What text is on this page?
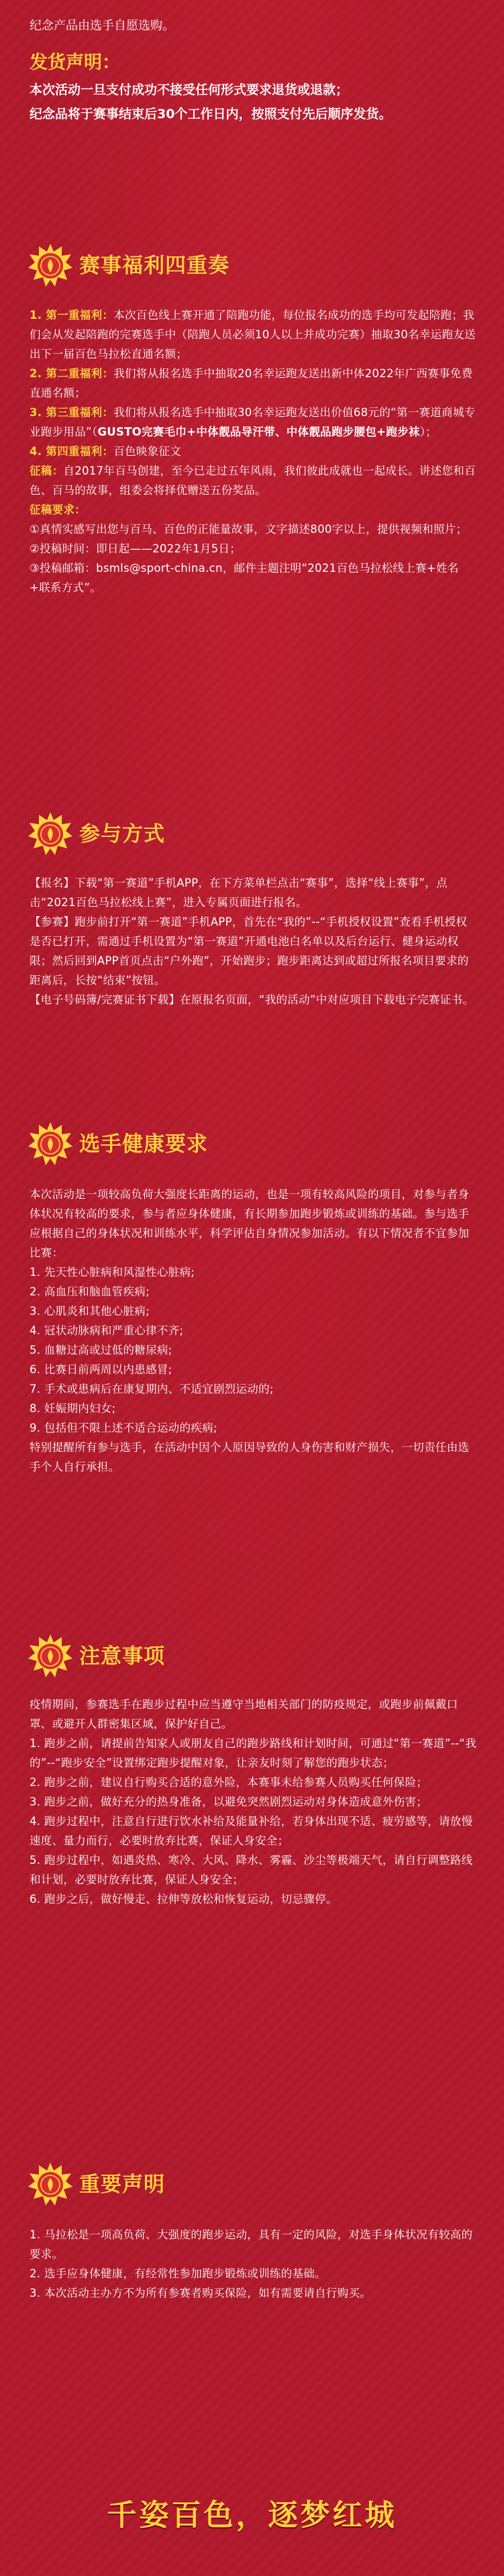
纪念产品由选手自愿选购。

发货声明：

本次活动一旦支付成功不接受任何形式要求退货或退款；

纪念品将于赛事结束后30个工作日内，按照支付先后顺序发货。

赛事福利四重奏

1. 第一重福利：本次百色线上赛开通了陪跑功能，每位报名成功的选手均可发起陪跑；我们会从发起陪跑的完赛选手中（陪跑人员必须10人以上并成功完赛）抽取30名幸运跑友送出下一届百色马拉松直通名额；

2. 第二重福利：我们将从报名选手中抽取20名幸运跑友送出新中体2022年广西赛事免费直通名额；

3. 第三重福利：我们将从报名选手中抽取30名幸运跑友送出价值68元的“第一赛道商城专业跑步用品”（GUSTO完赛毛巾+中体靓品导汗带、中体靓品跑步腰包+跑步袜）；

4. 第四重福利：百色映象征文

征稿：自2017年百马创建，至今已走过五年风雨，我们彼此成就也一起成长。讲述您和百色、百马的故事，组委会将择优赠送五份奖品。

征稿要求：

①真情实感写出您与百马、百色的正能量故事，文字描述800字以上，提供视频和照片；

②投稿时间：即日起——2022年1月5日；

③投稿邮箱：bsmls@sport-china.cn，邮件主题注明“2021百色马拉松线上赛+姓名+联系方式”。

参与方式

【报名】下载“第一赛道”手机APP，在下方菜单栏点击“赛事”，选择“线上赛事”，点击“2021百色马拉松线上赛”，进入专属页面进行报名。

【参赛】跑步前打开“第一赛道”手机APP，首先在“我的”--“手机授权设置”查看手机授权是否已打开，需通过手机设置为“第一赛道”开通电池白名单以及后台运行、健身运动权限；然后回到APP首页点击“户外跑”，开始跑步；跑步距离达到或超过所报名项目要求的距离后，长按“结束”按钮。

【电子号码簿/完赛证书下载】在原报名页面，“我的活动”中对应项目下载电子完赛证书。

选手健康要求

本次活动是一项较高负荷大强度长距离的运动，也是一项有较高风险的项目，对参与者身体状况有较高的要求，参与者应身体健康，有长期参加跑步锻炼或训练的基础。参与选手应根据自己的身体状况和训练水平，科学评估自身情况参加活动。有以下情况者不宜参加比赛：

1. 先天性心脏病和风湿性心脏病;

2. 高血压和脑血管疾病;

3. 心肌炎和其他心脏病;

4. 冠状动脉病和严重心律不齐;

5. 血糖过高或过低的糖尿病;

6. 比赛日前两周以内患感冒;

7. 手术或患病后在康复期内、不适宜剧烈运动的;

8. 妊娠期内妇女;

9. 包括但不限上述不适合运动的疾病;

特别提醒所有参与选手，在活动中因个人原因导致的人身伤害和财产损失，一切责任由选手个人自行承担。

注意事项

疫情期间，参赛选手在跑步过程中应当遵守当地相关部门的防疫规定，或跑步前佩戴口罩、或避开人群密集区域，保护好自己。

1. 跑步之前，请提前告知家人或朋友自己的跑步路线和计划时间，可通过“第一赛道”--“我的”--“跑步安全”设置绑定跑步提醒对象，让亲友时刻了解您的跑步状态；

2. 跑步之前，建议自行购买合适的意外险，本赛事未给参赛人员购买任何保险；

3. 跑步之前，做好充分的热身准备，以避免突然剧烈运动对身体造成意外伤害；

4. 跑步过程中，注意自行进行饮水补给及能量补给，若身体出现不适、疲劳感等，请放慢速度、量力而行，必要时放弃比赛，保证人身安全；

5. 跑步过程中，如遇炎热、寒冷、大风、降水、雾霾、沙尘等极端天气，请自行调整路线和计划，必要时放弃比赛，保证人身安全；

6. 跑步之后，做好慢走、拉伸等放松和恢复运动，切忌骤停。

重要声明

1. 马拉松是一项高负荷、大强度的跑步运动，具有一定的风险，对选手身体状况有较高的要求。

2. 选手应身体健康，有经常性参加跑步锻炼或训练的基础。

3. 本次活动主办方不为所有参赛者购买保险，如有需要请自行购买。

千姿百色，逐梦红城
